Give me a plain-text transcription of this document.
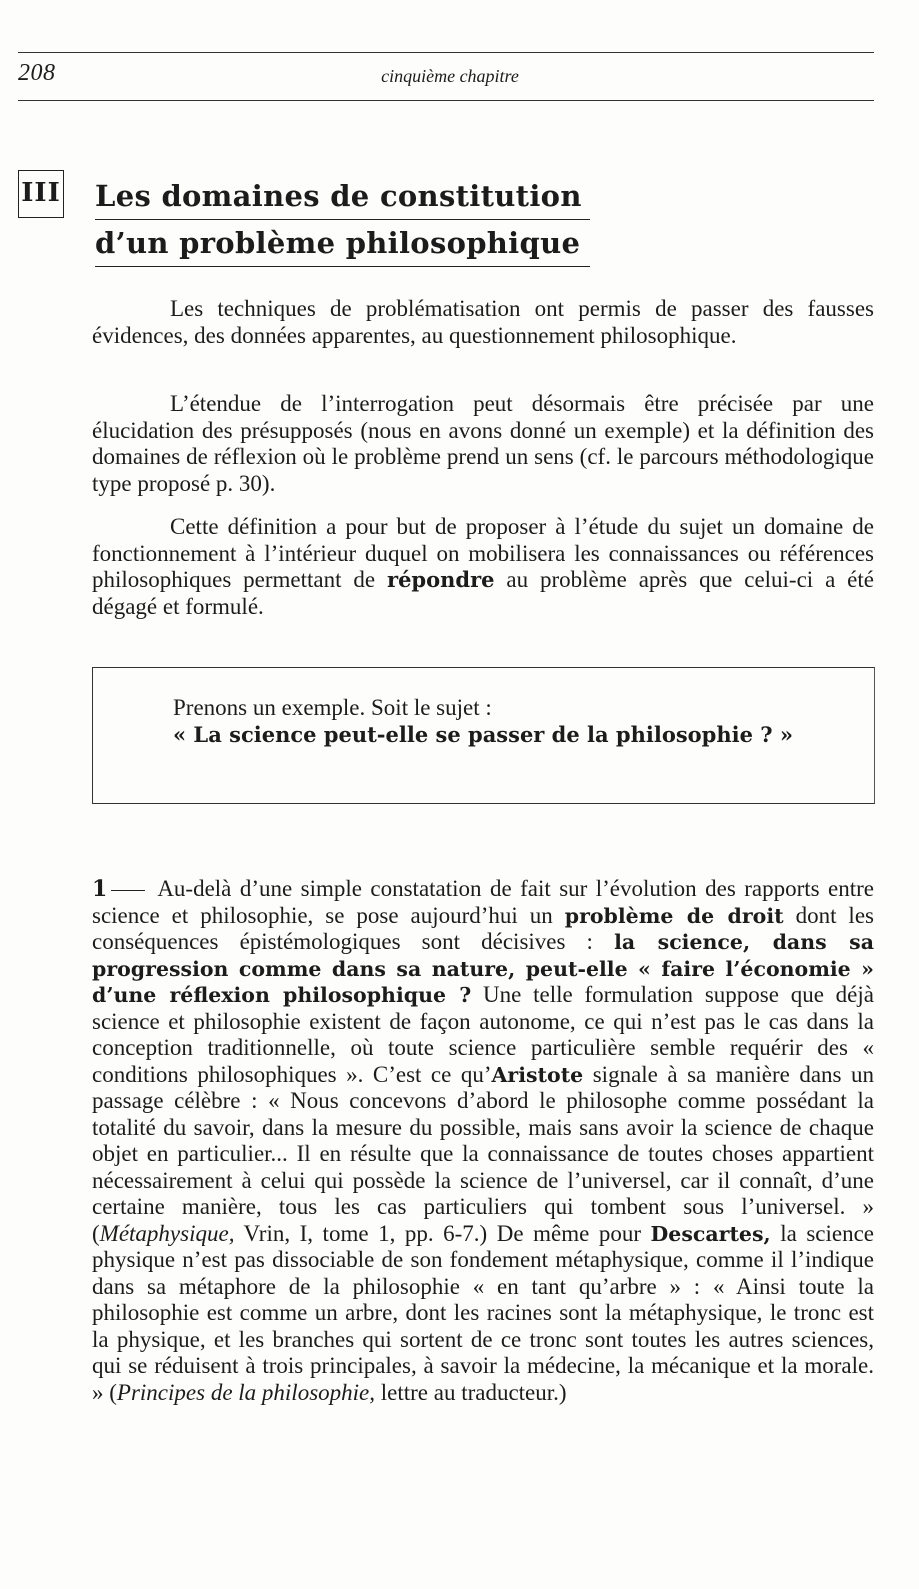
208	cinquième chapitre
III Les domaines de constitution
d’un problème philosophique

Les techniques de problématisation ont permis de passer des fausses évidences, des données apparentes, au questionnement philosophique.

L’étendue de l’interrogation peut désormais être précisée par une élucidation des présupposés (nous en avons donné un exemple) et la définition des domaines de réflexion où le problème prend un sens (cf. le parcours méthodologique type proposé p. 30).

Cette définition a pour but de proposer à l’étude du sujet un domaine de fonctionnement à l’intérieur duquel on mobilisera les connaissances ou références philosophiques permettant de répondre au problème après que celui-ci a été dégagé et formulé.

Prenons un exemple. Soit le sujet :
« La science peut-elle se passer de la philosophie ? »

1 Au-delà d’une simple constatation de fait sur l’évolution des rapports entre science et philosophie, se pose aujourd’hui un problème de droit dont les conséquences épistémologiques sont décisives : la science, dans sa progression comme dans sa nature, peut-elle « faire l’économie » d’une réflexion philosophique ? Une telle formulation suppose que déjà science et philosophie existent de façon autonome, ce qui n’est pas le cas dans la conception traditionnelle, où toute science particulière semble requérir des « conditions philosophiques ». C’est ce qu’Aristote signale à sa manière dans un passage célèbre : « Nous concevons d’abord le philosophe comme possédant la totalité du savoir, dans la mesure du possible, mais sans avoir la science de chaque objet en particulier... Il en résulte que la connaissance de toutes choses appartient nécessairement à celui qui possède la science de l’universel, car il connaît, d’une certaine manière, tous les cas particuliers qui tombent sous l’universel. » (Métaphysique, Vrin, I, tome 1, pp. 6-7.) De même pour Descartes, la science physique n’est pas dissociable de son fondement métaphysique, comme il l’indique dans sa métaphore de la philosophie « en tant qu’arbre » : « Ainsi toute la philosophie est comme un arbre, dont les racines sont la métaphysique, le tronc est la physique, et les branches qui sortent de ce tronc sont toutes les autres sciences, qui se réduisent à trois principales, à savoir la médecine, la mécanique et la morale. » (Principes de la philosophie, lettre au traducteur.)
